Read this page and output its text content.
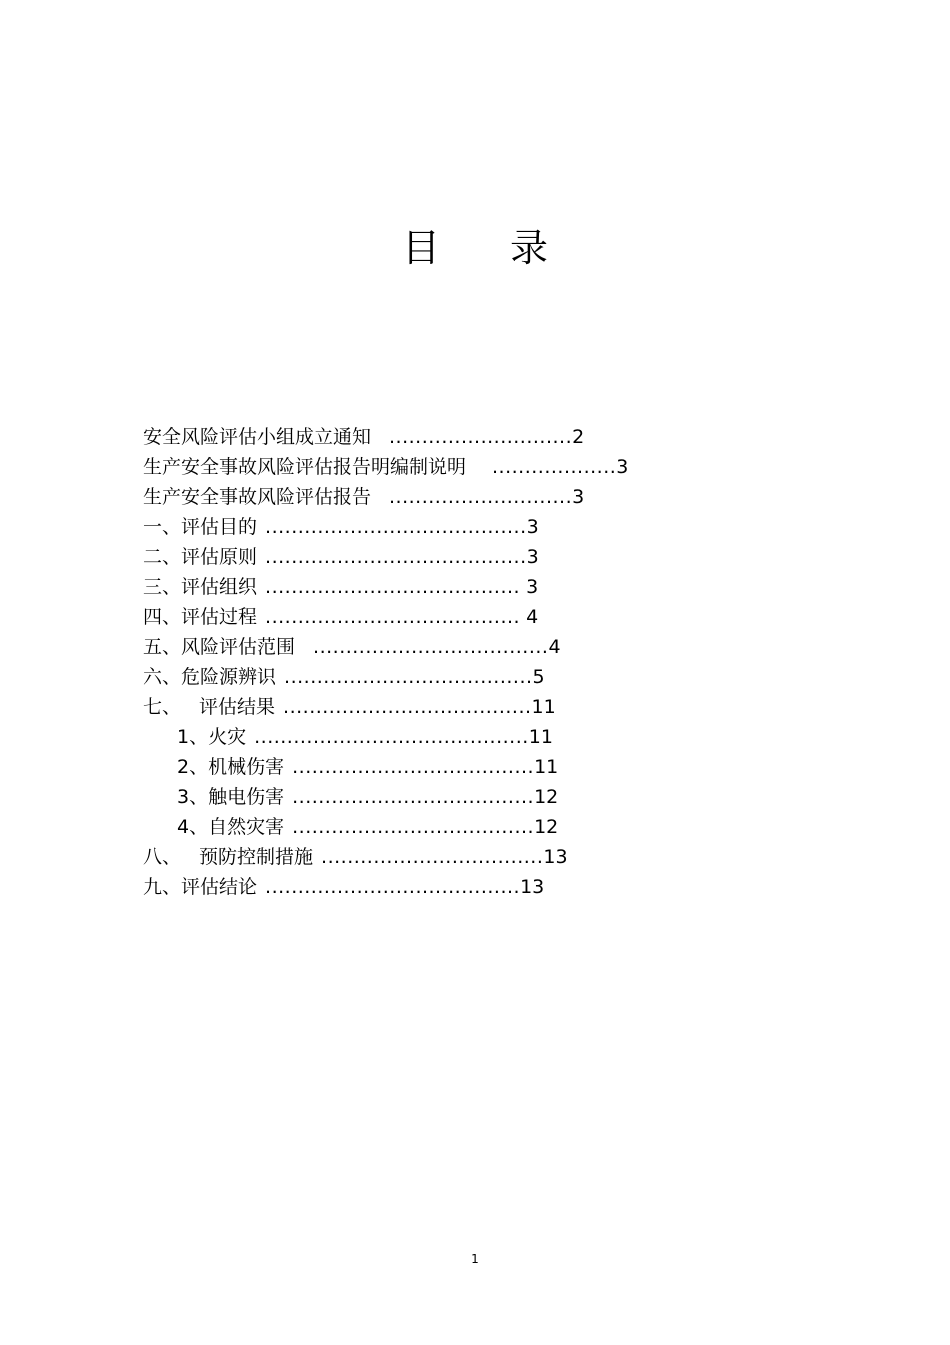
目录
安全风险评估小组成立通知 ............................2
生产安全事故风险评估报告明编制说明 ...................3
生产安全事故风险评估报告 ............................3
一、评估目的 ........................................3
二、评估原则 ........................................3
三、评估组织 ....................................... 3
四、评估过程 ....................................... 4
五、风险评估范围 ....................................4
六、危险源辨识 ......................................5
七、 评估结果 ......................................11
1、火灾 ..........................................11
2、机械伤害 .....................................11
3、触电伤害 .....................................12
4、自然灾害 .....................................12
八、 预防控制措施 ..................................13
九、评估结论 .......................................13
1
